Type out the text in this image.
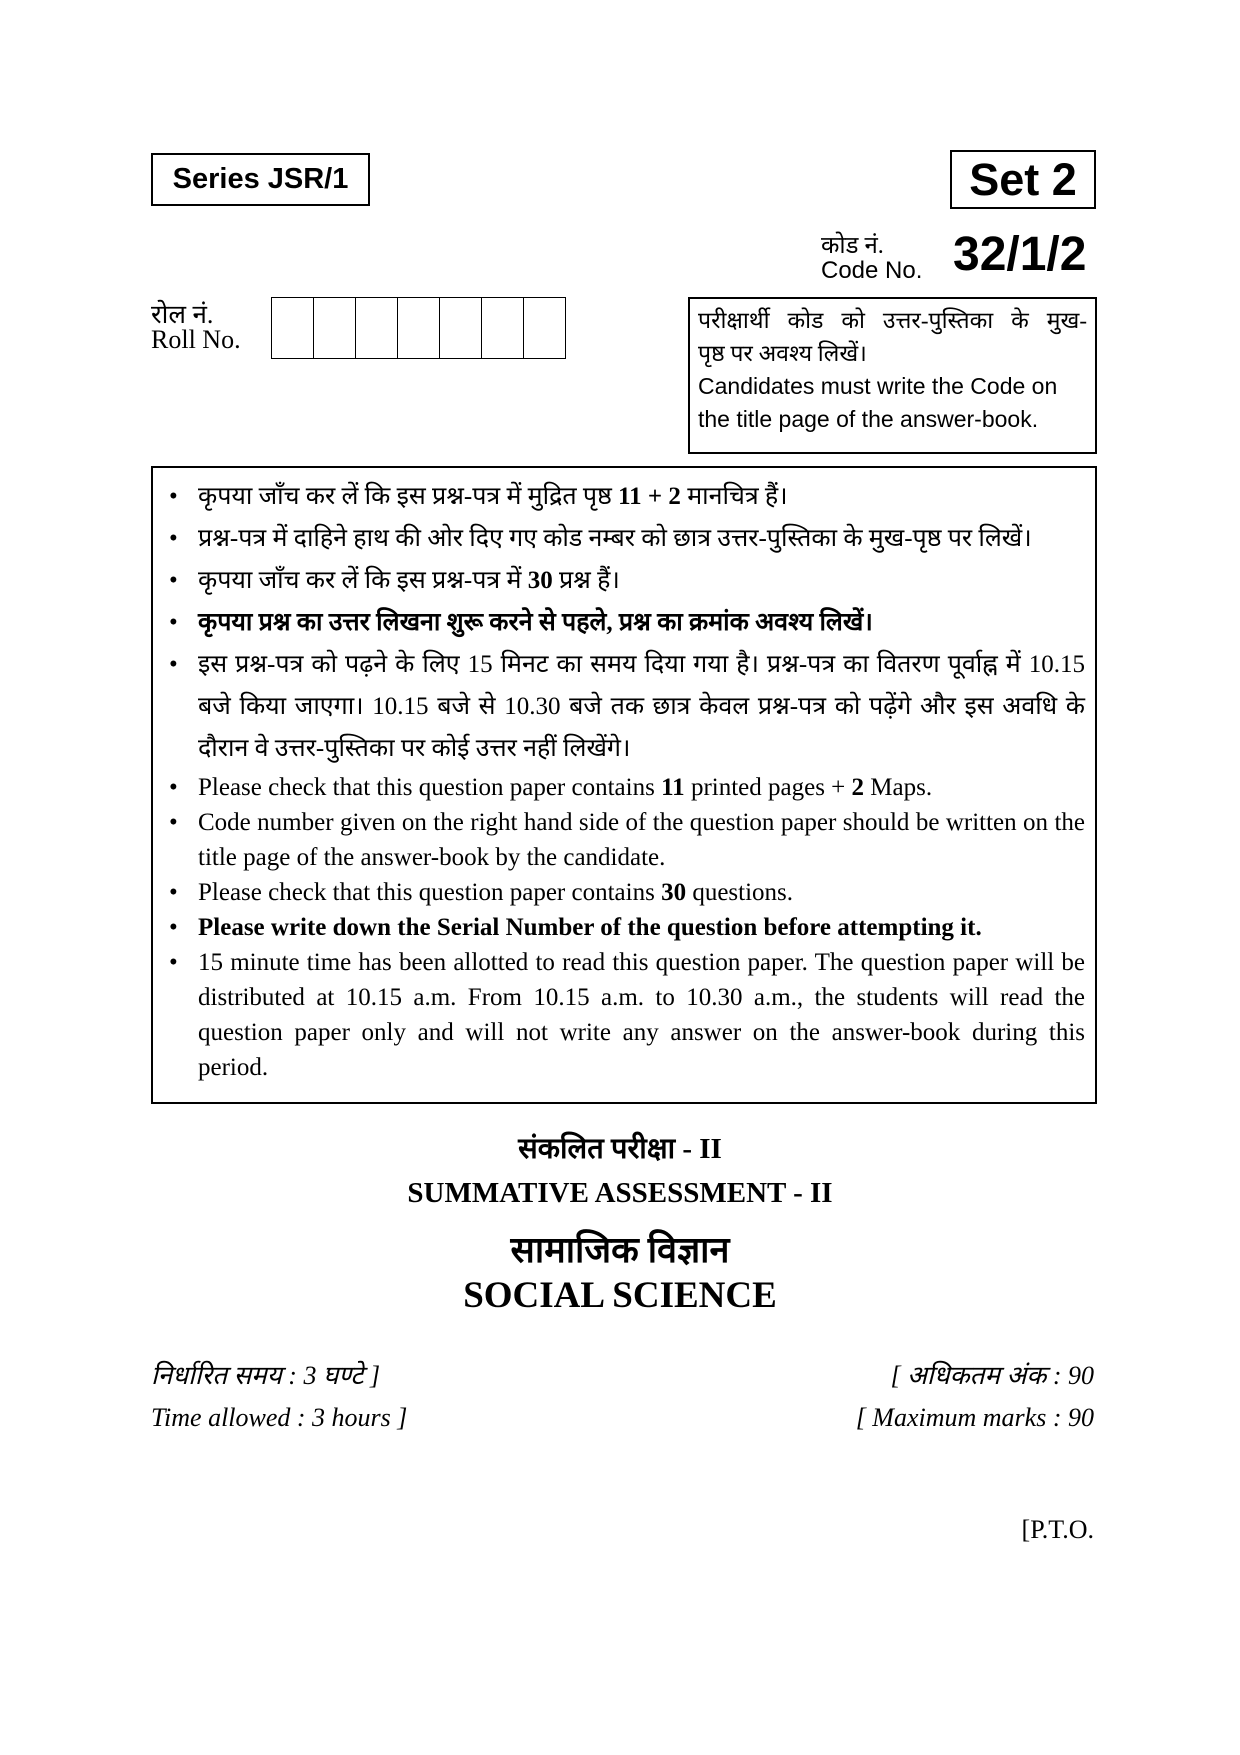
Series JSR/1	Set 2
कोड नं.
Code No. 32/1/2
रोल नं.
Roll No.
परीक्षार्थी कोड को उत्तर-पुस्तिका के मुख-
पृष्ठ पर अवश्य लिखें।
Candidates must write the Code on the title page of the answer-book.
• कृपया जाँच कर लें कि इस प्रश्न-पत्र में मुद्रित पृष्ठ 11 + 2 मानचित्र हैं।
• प्रश्न-पत्र में दाहिने हाथ की ओर दिए गए कोड नम्बर को छात्र उत्तर-पुस्तिका के मुख-पृष्ठ पर लिखें।
• कृपया जाँच कर लें कि इस प्रश्न-पत्र में 30 प्रश्न हैं।
• कृपया प्रश्न का उत्तर लिखना शुरू करने से पहले, प्रश्न का क्रमांक अवश्य लिखें।
• इस प्रश्न-पत्र को पढ़ने के लिए 15 मिनट का समय दिया गया है। प्रश्न-पत्र का वितरण पूर्वाह्न में 10.15 बजे किया जाएगा। 10.15 बजे से 10.30 बजे तक छात्र केवल प्रश्न-पत्र को पढ़ेंगे और इस अवधि के दौरान वे उत्तर-पुस्तिका पर कोई उत्तर नहीं लिखेंगे।
• Please check that this question paper contains 11 printed pages + 2 Maps.
• Code number given on the right hand side of the question paper should be written on the title page of the answer-book by the candidate.
• Please check that this question paper contains 30 questions.
• Please write down the Serial Number of the question before attempting it.
• 15 minute time has been allotted to read this question paper. The question paper will be distributed at 10.15 a.m. From 10.15 a.m. to 10.30 a.m., the students will read the question paper only and will not write any answer on the answer-book during this period.
संकलित परीक्षा - II
SUMMATIVE ASSESSMENT - II
सामाजिक विज्ञान
SOCIAL SCIENCE
निर्धारित समय : 3 घण्टे ]
Time allowed : 3 hours ]
[ अधिकतम अंक : 90
[ Maximum marks : 90
[P.T.O.
